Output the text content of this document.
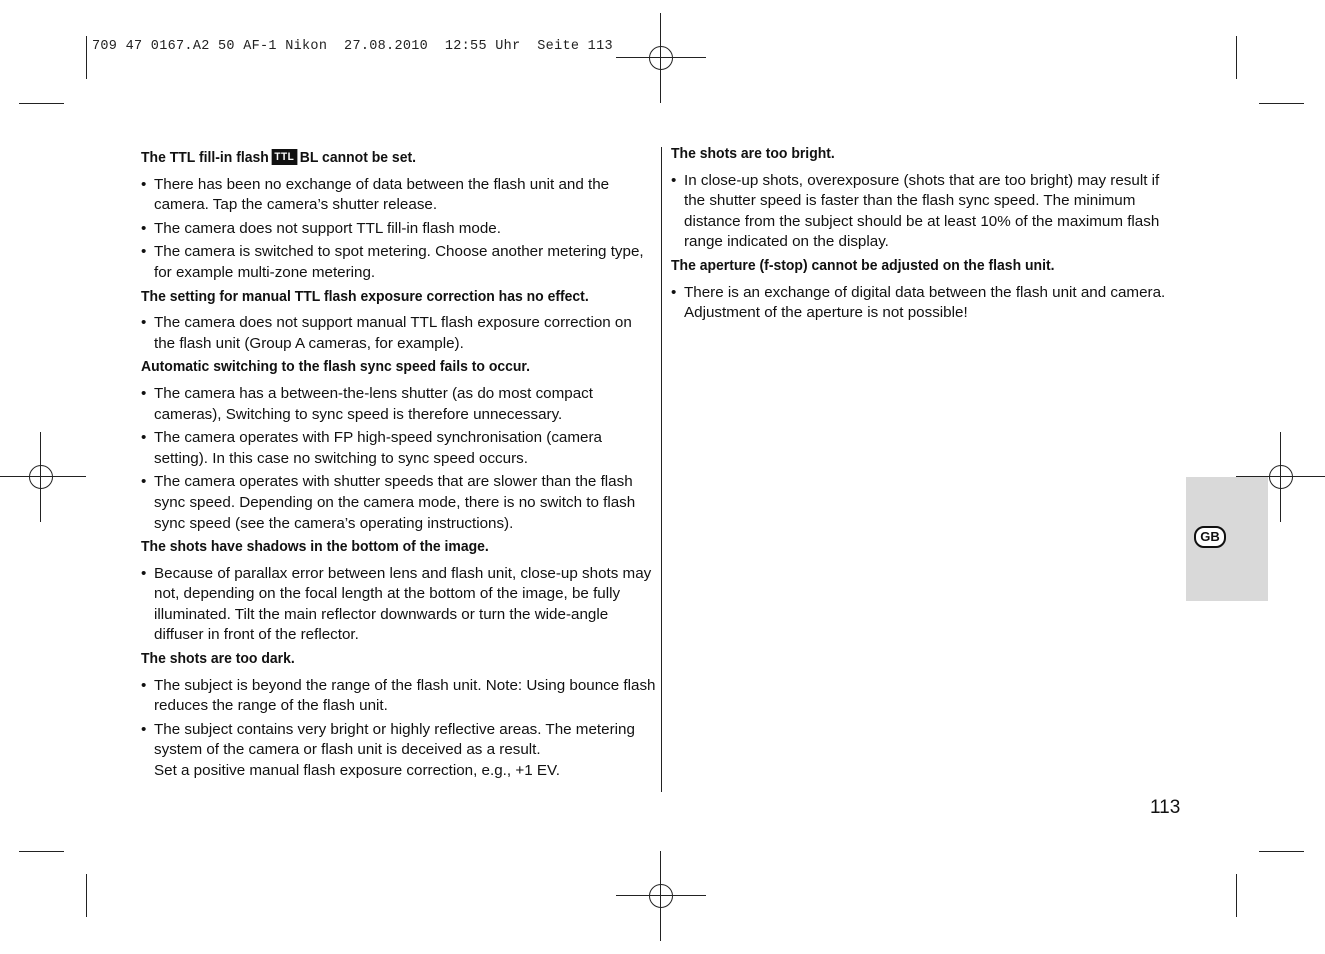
709 47 0167.A2 50 AF-1 Nikon  27.08.2010  12:55 Uhr  Seite 113
The TTL fill-in flash TTL BL cannot be set.
• There has been no exchange of data between the flash unit and the camera. Tap the camera’s shutter release.
• The camera does not support TTL fill-in flash mode.
• The camera is switched to spot metering. Choose another metering type, for example multi-zone metering.
The setting for manual TTL flash exposure correction has no effect.
• The camera does not support manual TTL flash exposure correction on the flash unit (Group A cameras, for example).
Automatic switching to the flash sync speed fails to occur.
• The camera has a between-the-lens shutter (as do most compact cameras), Switching to sync speed is therefore unnecessary.
• The camera operates with FP high-speed synchronisation (camera setting). In this case no switching to sync speed occurs.
• The camera operates with shutter speeds that are slower than the flash sync speed. Depending on the camera mode, there is no switch to flash sync speed (see the camera’s operating instructions).
The shots have shadows in the bottom of the image.
• Because of parallax error between lens and flash unit, close-up shots may not, depending on the focal length at the bottom of the image, be fully illuminated. Tilt the main reflector downwards or turn the wide-angle diffuser in front of the reflector.
The shots are too dark.
• The subject is beyond the range of the flash unit. Note: Using bounce flash reduces the range of the flash unit.
• The subject contains very bright or highly reflective areas. The metering system of the camera or flash unit is deceived as a result.
Set a positive manual flash exposure correction, e.g., +1 EV.
The shots are too bright.
• In close-up shots, overexposure (shots that are too bright) may result if the shutter speed is faster than the flash sync speed. The minimum distance from the subject should be at least 10% of the maximum flash range indicated on the display.
The aperture (f-stop) cannot be adjusted on the flash unit.
• There is an exchange of digital data between the flash unit and camera. Adjustment of the aperture is not possible!
GB
113
